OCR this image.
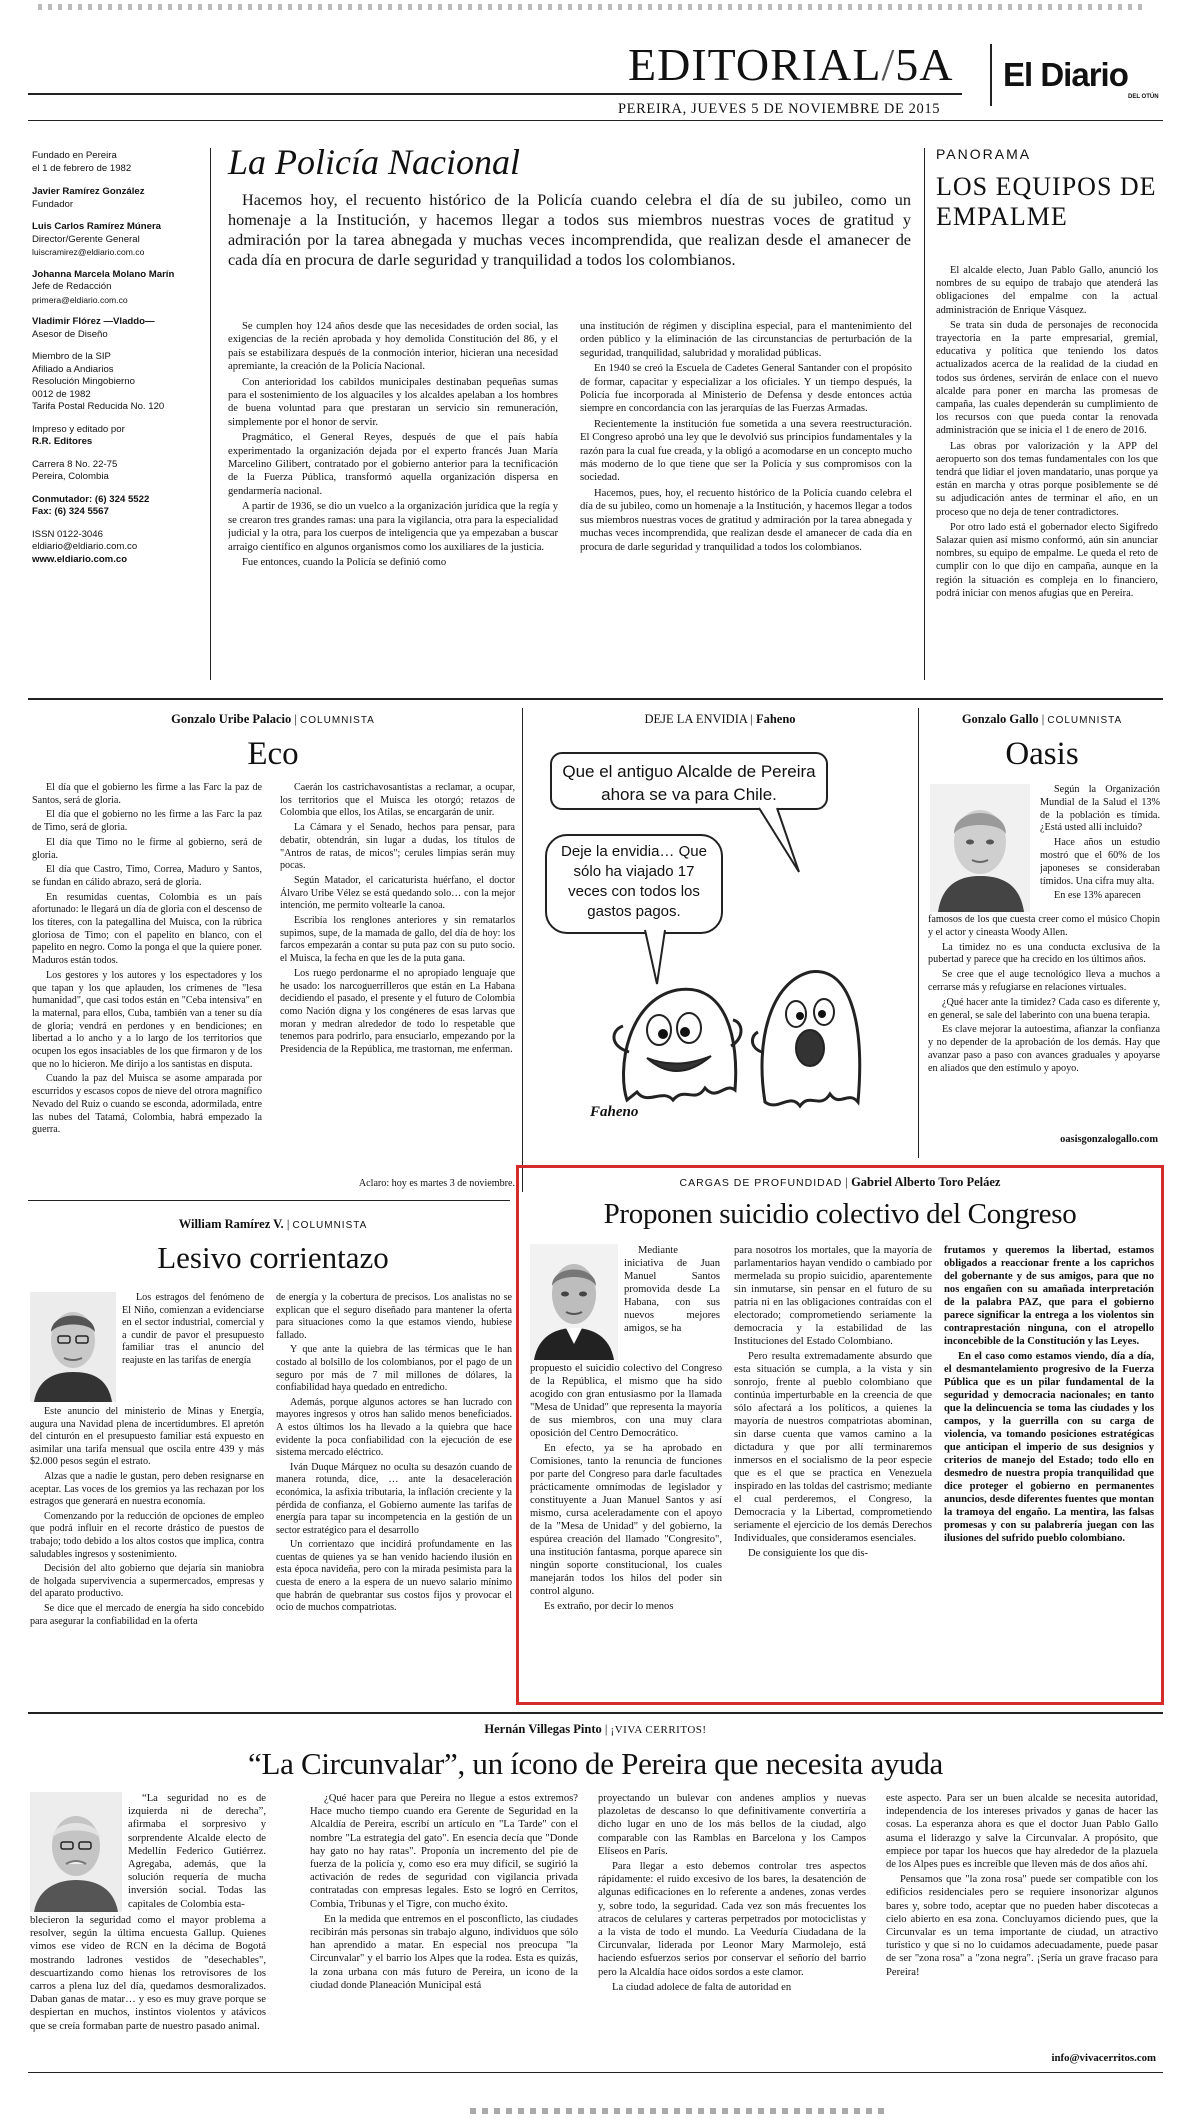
EDITORIAL/5A El Diario
DEL OTÚN
PEREIRA, JUEVES 5 DE NOVIEMBRE DE 2015
Fundado en Pereira
el 1 de febrero de 1982
Javier Ramírez González
Fundador
Luis Carlos Ramírez Múnera
Director/Gerente General
luiscramirez@eldiario.com.co
Johanna Marcela Molano Marín
Jefe de Redacción
primera@eldiario.com.co
Vladimir Flórez —Vladdo—
Asesor de Diseño
Miembro de la SIP
Afiliado a Andiarios
Resolución Mingobierno
0012 de 1982
Tarifa Postal Reducida No. 120
Impreso y editado por
R.R. Editores
Carrera 8 No. 22-75
Pereira, Colombia
Conmutador: (6) 324 5522
Fax: (6) 324 5567
ISSN 0122-3046
eldiario@eldiario.com.co
www.eldiario.com.co
La Policía Nacional
Hacemos hoy, el recuento histórico de la Policía cuando celebra el día de su jubileo, como un homenaje a la Institución, y hacemos llegar a todos sus miembros nuestras voces de gratitud y admiración por la tarea abnegada y muchas veces incomprendida, que realizan desde el amanecer de cada día en procura de darle seguridad y tranquilidad a todos los colombianos.

Se cumplen hoy 124 años desde que las necesidades de orden social, las exigencias de la recién aprobada y hoy demolida Constitución del 86, y el país se estabilizara después de la conmoción interior, hicieran una necesidad apremiante, la creación de la Policía Nacional.

Con anterioridad los cabildos municipales destinaban pequeñas sumas para el sostenimiento de los alguaciles y los alcaldes apelaban a los hombres de buena voluntad para que prestaran un servicio sin remuneración, simplemente por el honor de servir.

Pragmático, el General Reyes, después de que el país había experimentado la organización dejada por el experto francés Juan María Marcelino Gilibert, contratado por el gobierno anterior para la tecnificación de la Fuerza Pública, transformó aquella organización dispersa en gendarmería nacional.

A partir de 1936, se dio un vuelco a la organización jurídica que la regía y se crearon tres grandes ramas: una para la vigilancia, otra para la especialidad judicial y la otra, para los cuerpos de inteligencia que ya empezaban a buscar arraigo científico en algunos organismos como los auxiliares de la justicia.

Fue entonces, cuando la Policía se definió como

una institución de régimen y disciplina especial, para el mantenimiento del orden público y la eliminación de las circunstancias de perturbación de la seguridad, tranquilidad, salubridad y moralidad públicas.

En 1940 se creó la Escuela de Cadetes General Santander con el propósito de formar, capacitar y especializar a los oficiales. Y un tiempo después, la Policía fue incorporada al Ministerio de Defensa y desde entonces actúa siempre en concordancia con las jerarquías de las Fuerzas Armadas.

Recientemente la institución fue sometida a una severa reestructuración. El Congreso aprobó una ley que le devolvió sus principios fundamentales y la razón para la cual fue creada, y la obligó a acomodarse en un concepto mucho más moderno de lo que tiene que ser la Policía y sus compromisos con la sociedad.

Hacemos, pues, hoy, el recuento histórico de la Policía cuando celebra el día de su jubileo, como un homenaje a la Institución, y hacemos llegar a todos sus miembros nuestras voces de gratitud y admiración por la tarea abnegada y muchas veces incomprendida, que realizan desde el amanecer de cada día en procura de darle seguridad y tranquilidad a todos los colombianos.

PANORAMA
LOS EQUIPOS DE EMPALME

El alcalde electo, Juan Pablo Gallo, anunció los nombres de su equipo de trabajo que atenderá las obligaciones del empalme con la actual administración de Enrique Vásquez.

Se trata sin duda de personajes de reconocida trayectoria en la parte empresarial, gremial, educativa y política que teniendo los datos actualizados acerca de la realidad de la ciudad en todos sus órdenes, servirán de enlace con el nuevo alcalde para poner en marcha las promesas de campaña, las cuales dependerán su cumplimiento de los recursos con que pueda contar la renovada administración que se inicia el 1 de enero de 2016.

Las obras por valorización y la APP del aeropuerto son dos temas fundamentales con los que tendrá que lidiar el joven mandatario, unas porque ya están en marcha y otras porque posiblemente se dé su adjudicación antes de terminar el año, en un proceso que no deja de tener contradictores.

Por otro lado está el gobernador electo Sigifredo Salazar quien así mismo conformó, aún sin anunciar nombres, su equipo de empalme. Le queda el reto de cumplir con lo que dijo en campaña, aunque en la región la situación es compleja en lo financiero, podrá iniciar con menos afugias que en Pereira.

Gonzalo Uribe Palacio | COLUMNISTA
Eco

El día que el gobierno les firme a las Farc la paz de Santos, será de gloria.

El día que el gobierno no les firme a las Farc la paz de Timo, será de gloria.

El día que Timo no le firme al gobierno, será de gloria.

El día que Castro, Timo, Correa, Maduro y Santos, se fundan en cálido abrazo, será de gloria.

En resumidas cuentas, Colombia es un país afortunado: le llegará un día de gloria con el descenso de los títeres, con la pategallina del Muisca, con la rúbrica gloriosa de Timo; con el papelito en blanco, con el papelito en negro. Como la ponga el que la quiere poner. Maduros están todos.

Los gestores y los autores y los espectadores y los que tapan y los que aplauden, los crímenes de "lesa humanidad", que casi todos están en "Ceba intensiva" en la maternal, para ellos, Cuba, también van a tener su día de gloria; vendrá en perdones y en bendiciones; en libertad a lo ancho y a lo largo de los territorios que ocupen los egos insaciables de los que firmaron y de los que no lo hicieron. Me dirijo a los santistas en disputa.

Cuando la paz del Muisca se asome amparada por escurridos y escasos copos de nieve del otrora magnífico Nevado del Ruiz o cuando se esconda, adormilada, entre las nubes del Tatamá, Colombia, habrá empezado la guerra.

Caerán los castrichavosantistas a reclamar, a ocupar, los territorios que el Muisca les otorgó; retazos de Colombia que ellos, los Atilas, se encargarán de unir.

La Cámara y el Senado, hechos para pensar, para debatir, obtendrán, sin lugar a dudas, los títulos de "Antros de ratas, de micos"; cerules limpias serán muy pocas.

Según Matador, el caricaturista huérfano, el doctor Álvaro Uribe Vélez se está quedando solo… con la mejor intención, me permito voltearle la canoa.

Escribía los renglones anteriores y sin rematarlos supimos, supe, de la mamada de gallo, del día de hoy: los farcos empezarán a contar su puta paz con su puto socio. el Muisca, la fecha en que les de la puta gana.

Los ruego perdonarme el no apropiado lenguaje que he usado: los narcoguerrilleros que están en La Habana decidiendo el pasado, el presente y el futuro de Colombia como Nación digna y los congéneres de esas larvas que moran y medran alrededor de todo lo respetable que tenemos para podrirlo, para ensuciarlo, empezando por la Presidencia de la República, me trastornan, me enferman.

Aclaro: hoy es martes 3 de noviembre.
DEJE LA ENVIDIA | Faheno
Que el antiguo Alcalde de Pereira ahora se va para Chile.
Deje la envidia… Que sólo ha viajado 17 veces con todos los gastos pagos.
Faheno
Gonzalo Gallo | COLUMNISTA
Oasis

Según la Organización Mundial de la Salud el 13% de la población es tímida. ¿Está usted allí incluido?

Hace años un estudio mostró que el 60% de los japoneses se consideraban tímidos. Una cifra muy alta.

En ese 13% aparecen

famosos de los que cuesta creer como el músico Chopin y el actor y cineasta Woody Allen.

La timidez no es una conducta exclusiva de la pubertad y parece que ha crecido en los últimos años.

Se cree que el auge tecnológico lleva a muchos a cerrarse más y refugiarse en relaciones virtuales.

¿Qué hacer ante la timidez? Cada caso es diferente y, en general, se sale del laberinto con una buena terapia.

Es clave mejorar la autoestima, afianzar la confianza y no depender de la aprobación de los demás. Hay que avanzar paso a paso con avances graduales y apoyarse en aliados que den estímulo y apoyo.

oasisgonzalogallo.com
William Ramírez V. | COLUMNISTA
Lesivo corrientazo

Los estragos del fenómeno de El Niño, comienzan a evidenciarse en el sector industrial, comercial y a cundir de pavor el presupuesto familiar tras el anuncio del reajuste en las tarifas de energía

Este anuncio del ministerio de Minas y Energía, augura una Navidad plena de incertidumbres. El apretón del cinturón en el presupuesto familiar está expuesto en asimilar una tarifa mensual que oscila entre 439 y más $2.000 pesos según el estrato.

Alzas que a nadie le gustan, pero deben resignarse en aceptar. Las voces de los gremios ya las rechazan por los estragos que generará en nuestra economía.

Comenzando por la reducción de opciones de empleo que podrá influir en el recorte drástico de puestos de trabajo; todo debido a los altos costos que implica, contra saludables ingresos y sostenimiento.

Decisión del alto gobierno que dejaría sin maniobra de holgada supervivencia a supermercados, empresas y del aparato productivo.

Se dice que el mercado de energía ha sido concebido para asegurar la confiabilidad en la oferta

de energía y la cobertura de precisos. Los analistas no se explican que el seguro diseñado para mantener la oferta para situaciones como la que estamos viendo, hubiese fallado.

Y que ante la quiebra de las térmicas que le han costado al bolsillo de los colombianos, por el pago de un seguro por más de 7 mil millones de dólares, la confiabilidad haya quedado en entredicho.

Además, porque algunos actores se han lucrado con mayores ingresos y otros han salido menos beneficiados. A estos últimos los ha llevado a la quiebra que hace evidente la poca confiabilidad con la ejecución de ese sistema mercado eléctrico.

Iván Duque Márquez no oculta su desazón cuando de manera rotunda, dice, … ante la desaceleración económica, la asfixia tributaria, la inflación creciente y la pérdida de confianza, el Gobierno aumente las tarifas de energía para tapar su incompetencia en la gestión de un sector estratégico para el desarrollo

Un corrientazo que incidirá profundamente en las cuentas de quienes ya se han venido haciendo ilusión en esta época navideña, pero con la mirada pesimista para la cuesta de enero a la espera de un nuevo salario mínimo que habrán de quebrantar sus costos fijos y provocar el ocio de muchos compatriotas.

CARGAS DE PROFUNDIDAD | Gabriel Alberto Toro Peláez
Proponen suicidio colectivo del Congreso

Mediante iniciativa de Juan Manuel Santos promovida desde La Habana, con sus nuevos mejores amigos, se ha

propuesto el suicidio colectivo del Congreso de la República, el mismo que ha sido acogido con gran entusiasmo por la llamada "Mesa de Unidad" que representa la mayoría de sus miembros, con una muy clara oposición del Centro Democrático.

En efecto, ya se ha aprobado en Comisiones, tanto la renuncia de funciones por parte del Congreso para darle facultades prácticamente omnímodas de legislador y constituyente a Juan Manuel Santos y así mismo, cursa aceleradamente con el apoyo de la "Mesa de Unidad" y del gobierno, la espúrea creación del llamado "Congresito", una institución fantasma, porque aparece sin ningún soporte constitucional, los cuales manejarán todos los hilos del poder sin control alguno.

Es extraño, por decir lo menos

para nosotros los mortales, que la mayoría de parlamentarios hayan vendido o cambiado por mermelada su propio suicidio, aparentemente sin inmutarse, sin pensar en el futuro de su patria ni en las obligaciones contraídas con el electorado; comprometiendo seriamente la democracia y la estabilidad de las Instituciones del Estado Colombiano.

Pero resulta extremadamente absurdo que esta situación se cumpla, a la vista y sin sonrojo, frente al pueblo colombiano que continúa imperturbable en la creencia de que sólo afectará a los políticos, a quienes la mayoría de nuestros compatriotas abominan, sin darse cuenta que vamos camino a la dictadura y que por allí terminaremos inmersos en el socialismo de la peor especie que es el que se practica en Venezuela inspirado en las toldas del castrismo; mediante el cual perderemos, el Congreso, la Democracia y la Libertad, comprometiendo seriamente el ejercicio de los demás Derechos Individuales, que consideramos esenciales.

De consiguiente los que dis-

frutamos y queremos la libertad, estamos obligados a reaccionar frente a los caprichos del gobernante y de sus amigos, para que no nos engañen con su amañada interpretación de la palabra PAZ, que para el gobierno parece significar la entrega a los violentos sin contraprestación ninguna, con el atropello inconcebible de la Constitución y las Leyes.

En el caso como estamos viendo, día a día, el desmantelamiento progresivo de la Fuerza Pública que es un pilar fundamental de la seguridad y democracia nacionales; en tanto que la delincuencia se toma las ciudades y los campos, y la guerrilla con su carga de violencia, va tomando posiciones estratégicas que anticipan el imperio de sus designios y criterios de manejo del Estado; todo ello en desmedro de nuestra propia tranquilidad que dice proteger el gobierno en permanentes anuncios, desde diferentes fuentes que montan la tramoya del engaño. La mentira, las falsas promesas y con su palabrería juegan con las ilusiones del sufrido pueblo colombiano.

Hernán Villegas Pinto | ¡VIVA CERRITOS!
“La Circunvalar”, un ícono de Pereira que necesita ayuda

“La seguridad no es de izquierda ni de derecha”, afirmaba el sorpresivo y sorprendente Alcalde electo de Medellín Federico Gutiérrez. Agregaba, además, que la solución requería de mucha inversión social. Todas las capitales de Colombia esta-

blecieron la seguridad como el mayor problema a resolver, según la última encuesta Gallup. Quienes vimos ese video de RCN en la décima de Bogotá mostrando ladrones vestidos de "desechables", descuartizando como hienas los retrovisores de los carros a plena luz del día, quedamos desmoralizados. Daban ganas de matar… y eso es muy grave porque se despiertan en muchos, instintos violentos y atávicos que se creía formaban parte de nuestro pasado animal.

¿Qué hacer para que Pereira no llegue a estos extremos? Hace mucho tiempo cuando era Gerente de Seguridad en la Alcaldía de Pereira, escribí un artículo en "La Tarde" con el nombre "La estrategia del gato". En esencia decía que "Donde hay gato no hay ratas". Proponía un incremento del pie de fuerza de la policía y, como eso era muy difícil, se sugirió la activación de redes de seguridad con vigilancia privada contratadas con empresas legales. Esto se logró en Cerritos, Combia, Tribunas y el Tigre, con mucho éxito.

En la medida que entremos en el posconflicto, las ciudades recibirán más personas sin trabajo alguno, individuos que sólo han aprendido a matar. En especial nos preocupa "la Circunvalar" y el barrio los Alpes que la rodea. Esta es quizás, la zona urbana con más futuro de Pereira, un icono de la ciudad donde Planeación Municipal está

proyectando un bulevar con andenes amplios y nuevas plazoletas de descanso lo que definitivamente convertiría a dicho lugar en uno de los más bellos de la ciudad, algo comparable con las Ramblas en Barcelona y los Campos Elíseos en París.

Para llegar a esto debemos controlar tres aspectos rápidamente: el ruido excesivo de los bares, la desatención de algunas edificaciones en lo referente a andenes, zonas verdes y, sobre todo, la seguridad. Cada vez son más frecuentes los atracos de celulares y carteras perpetrados por motociclistas y a la vista de todo el mundo. La Veeduría Ciudadana de la Circunvalar, liderada por Leonor Mary Marmolejo, está haciendo esfuerzos serios por conservar el señorío del barrio pero la Alcaldía hace oídos sordos a este clamor.

La ciudad adolece de falta de autoridad en

este aspecto. Para ser un buen alcalde se necesita autoridad, independencia de los intereses privados y ganas de hacer las cosas. La esperanza ahora es que el doctor Juan Pablo Gallo asuma el liderazgo y salve la Circunvalar. A propósito, que empiece por tapar los huecos que hay alrededor de la plazuela de los Alpes pues es increíble que lleven más de dos años ahí.

Pensamos que "la zona rosa" puede ser compatible con los edificios residenciales pero se requiere insonorizar algunos bares y, sobre todo, aceptar que no pueden haber discotecas a cielo abierto en esa zona. Concluyamos diciendo pues, que la Circunvalar es un tema importante de ciudad, un atractivo turístico y que si no lo cuidamos adecuadamente, puede pasar de ser "zona rosa" a "zona negra". ¡Sería un grave fracaso para Pereira!

info@vivacerritos.com
